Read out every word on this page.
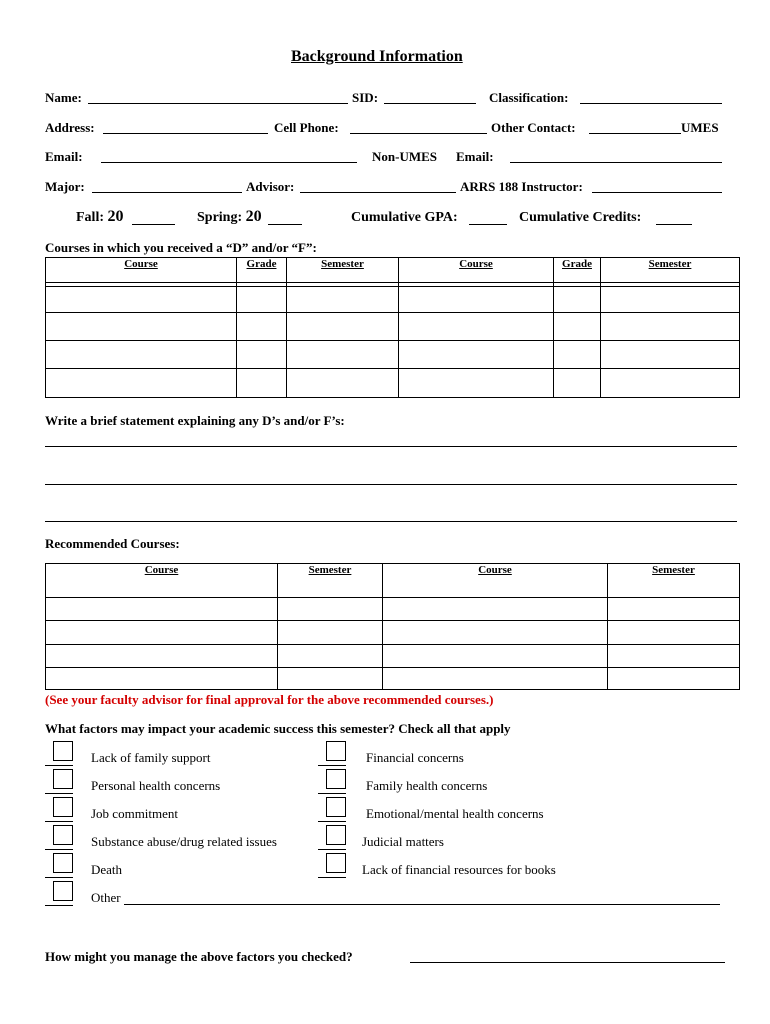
Background Information
Name:	SID:	Classification:
Address:	Cell Phone:	Other Contact:	UMES
Email:	Non-UMES Email:
Major:	Advisor:	ARRS 188 Instructor:
Fall: 20	Spring: 20	Cumulative GPA:	Cumulative Credits:
Courses in which you received a “D” and/or “F”:
Course	Grade	Semester	Course	Grade	Semester

Write a brief statement explaining any D’s and/or F’s:
Recommended Courses:
Course	Semester	Course	Semester

(See your faculty advisor for final approval for the above recommended courses.)
What factors may impact your academic success this semester? Check all that apply
Lack of family support
Personal health concerns
Job commitment
Substance abuse/drug related issues
Death
Other
Financial concerns
Family health concerns
Emotional/mental health concerns
Judicial matters
Lack of financial resources for books
How might you manage the above factors you checked?
